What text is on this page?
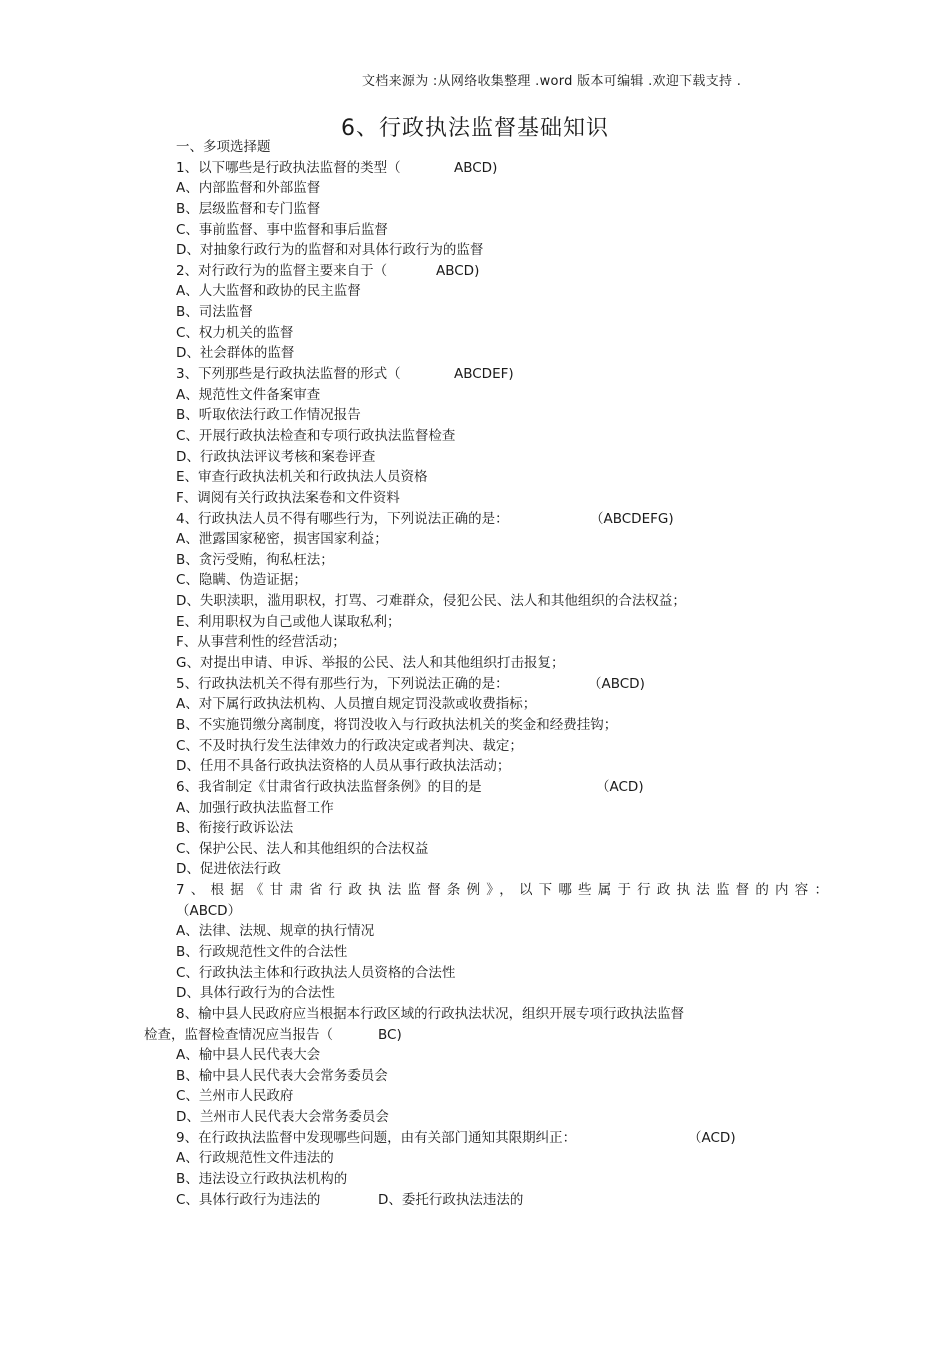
文档来源为 :从网络收集整理 .word 版本可编辑 .欢迎下载支持 .
6、行政执法监督基础知识
一、多项选择题
1、以下哪些是行政执法监督的类型（	ABCD)
A、内部监督和外部监督
B、层级监督和专门监督
C、事前监督、事中监督和事后监督
D、对抽象行政行为的监督和对具体行政行为的监督
2、对行政行为的监督主要来自于（	ABCD)
A、人大监督和政协的民主监督
B、司法监督
C、权力机关的监督
D、社会群体的监督
3、下列那些是行政执法监督的形式（	ABCDEF)
A、规范性文件备案审查
B、听取依法行政工作情况报告
C、开展行政执法检查和专项行政执法监督检查
D、行政执法评议考核和案卷评查
E、审查行政执法机关和行政执法人员资格
F、调阅有关行政执法案卷和文件资料
4、行政执法人员不得有哪些行为，下列说法正确的是：	（ABCDEFG)
A、泄露国家秘密，损害国家利益；
B、贪污受贿，徇私枉法；
C、隐瞒、伪造证据；
D、失职渎职，滥用职权，打骂、刁难群众，侵犯公民、法人和其他组织的合法权益；
E、利用职权为自己或他人谋取私利；
F、从事营利性的经营活动；
G、对提出申请、申诉、举报的公民、法人和其他组织打击报复；
5、行政执法机关不得有那些行为，下列说法正确的是：	（ABCD)
A、对下属行政执法机构、人员擅自规定罚没款或收费指标；
B、不实施罚缴分离制度，将罚没收入与行政执法机关的奖金和经费挂钩；
C、不及时执行发生法律效力的行政决定或者判决、裁定；
D、任用不具备行政执法资格的人员从事行政执法活动；
6、我省制定《甘肃省行政执法监督条例》的目的是	（ACD)
A、加强行政执法监督工作
B、衔接行政诉讼法
C、保护公民、法人和其他组织的合法权益
D、促进依法行政
7、根据《甘肃省行政执法监督条例》，以下哪些属于行政执法监督的内容：
（ABCD）
A、法律、法规、规章的执行情况
B、行政规范性文件的合法性
C、行政执法主体和行政执法人员资格的合法性
D、具体行政行为的合法性
8、榆中县人民政府应当根据本行政区域的行政执法状况，组织开展专项行政执法监督
检查，监督检查情况应当报告（	BC)
A、榆中县人民代表大会
B、榆中县人民代表大会常务委员会
C、兰州市人民政府
D、兰州市人民代表大会常务委员会
9、在行政执法监督中发现哪些问题，由有关部门通知其限期纠正：	（ACD)
A、行政规范性文件违法的
B、违法设立行政执法机构的
C、具体行政行为违法的	D、委托行政执法违法的
